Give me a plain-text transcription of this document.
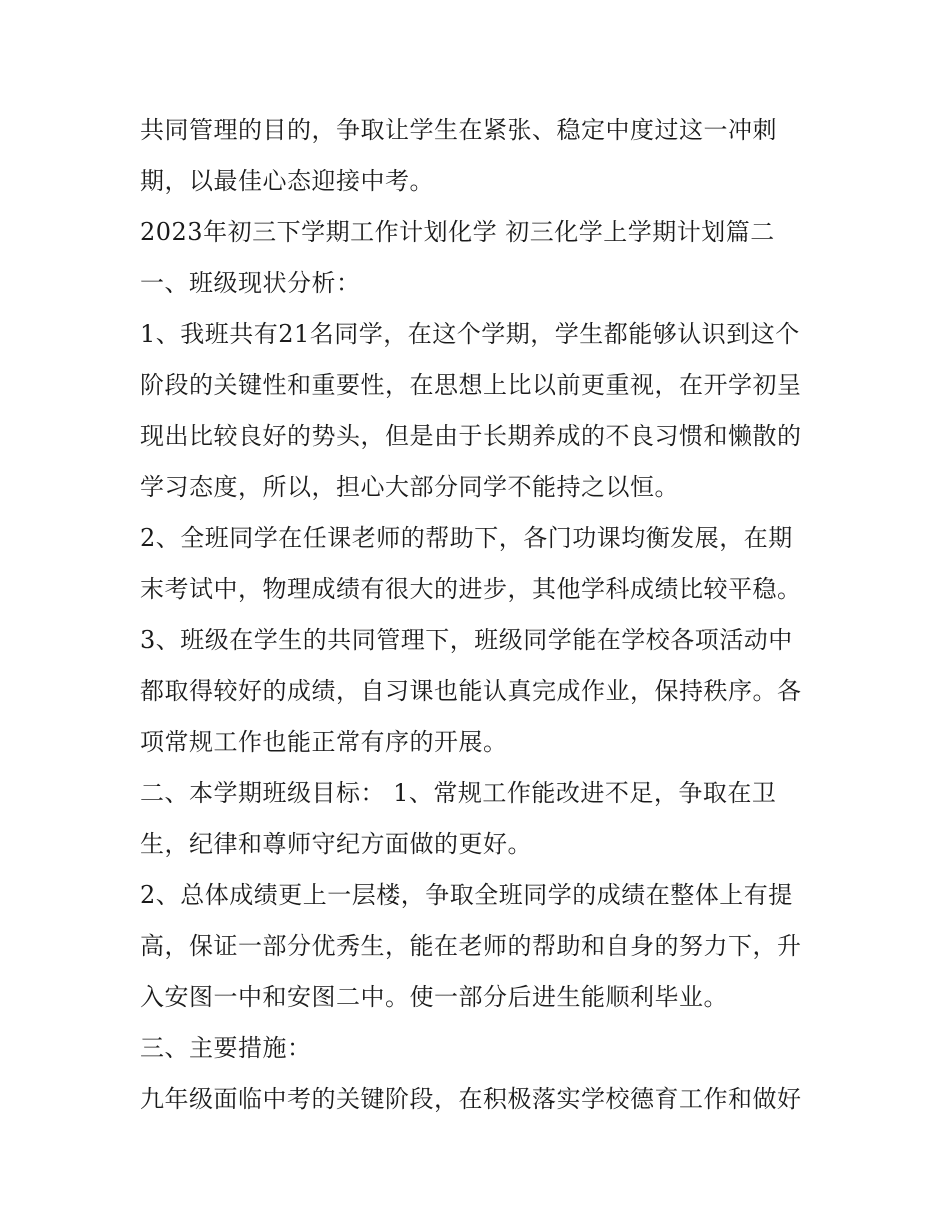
共同管理的目的，争取让学生在紧张、稳定中度过这一冲刺
期，以最佳心态迎接中考。
2023年初三下学期工作计划化学 初三化学上学期计划篇二
一、班级现状分析：
1、我班共有21名同学，在这个学期，学生都能够认识到这个
阶段的关键性和重要性，在思想上比以前更重视，在开学初呈
现出比较良好的势头，但是由于长期养成的不良习惯和懒散的
学习态度，所以，担心大部分同学不能持之以恒。
2、全班同学在任课老师的帮助下，各门功课均衡发展，在期
末考试中，物理成绩有很大的进步，其他学科成绩比较平稳。
3、班级在学生的共同管理下，班级同学能在学校各项活动中
都取得较好的成绩，自习课也能认真完成作业，保持秩序。各
项常规工作也能正常有序的开展。
二、本学期班级目标： 1、常规工作能改进不足，争取在卫
生，纪律和尊师守纪方面做的更好。
2、总体成绩更上一层楼，争取全班同学的成绩在整体上有提
高，保证一部分优秀生，能在老师的帮助和自身的努力下，升
入安图一中和安图二中。使一部分后进生能顺利毕业。
三、主要措施：
九年级面临中考的关键阶段，在积极落实学校德育工作和做好
